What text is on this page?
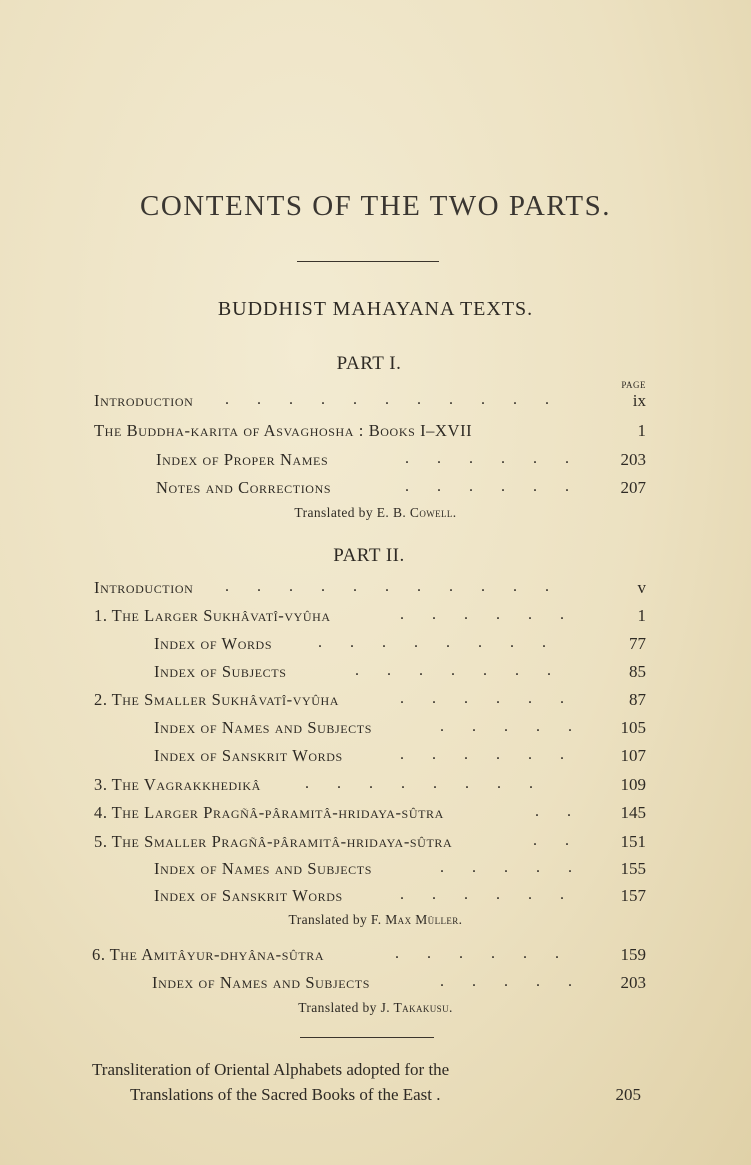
CONTENTS OF THE TWO PARTS.
BUDDHIST MAHAYANA TEXTS.
PART I.
PAGE
Introduction .       .       .       .       .       .       .       .       .       .       .	ix
The Buddha-karita of Asvaghosha : Books I–XVII	1
Index of Proper Names	.       .       .       .       .       .	203
Notes and Corrections	.       .       .       .       .       .	207
Translated by E. B. Cowell.
PART II.
Introduction .       .       .       .       .       .       .       .       .       .       .	v
1. The Larger Sukhâvatî-vyûha	.       .       .       .       .       .	1
Index of Words	.       .       .       .       .       .       .       .	77
Index of Subjects	.       .       .       .       .       .       .	85
2. The Smaller Sukhâvatî-vyûha	.       .       .       .       .       .	87
Index of Names and Subjects	.       .       .       .       .	105
Index of Sanskrit Words	.       .       .       .       .       .	107
3. The Vagrakkhedikâ	.       .       .       .       .       .       .       .	109
4. The Larger Pragñâ-pâramitâ-hridaya-sûtra	.       .	145
5. The Smaller Pragñâ-pâramitâ-hridaya-sûtra	.       .	151
Index of Names and Subjects	.       .       .       .       .	155
Index of Sanskrit Words	.       .       .       .       .       .	157
Translated by F. Max Müller.
6. The Amitâyur-dhyâna-sûtra	.       .       .       .       .       .	159
Index of Names and Subjects	.       .       .       .       .	203
Translated by J. Takakusu.
Transliteration of Oriental Alphabets adopted for the
Translations of the Sacred Books of the East .	205
